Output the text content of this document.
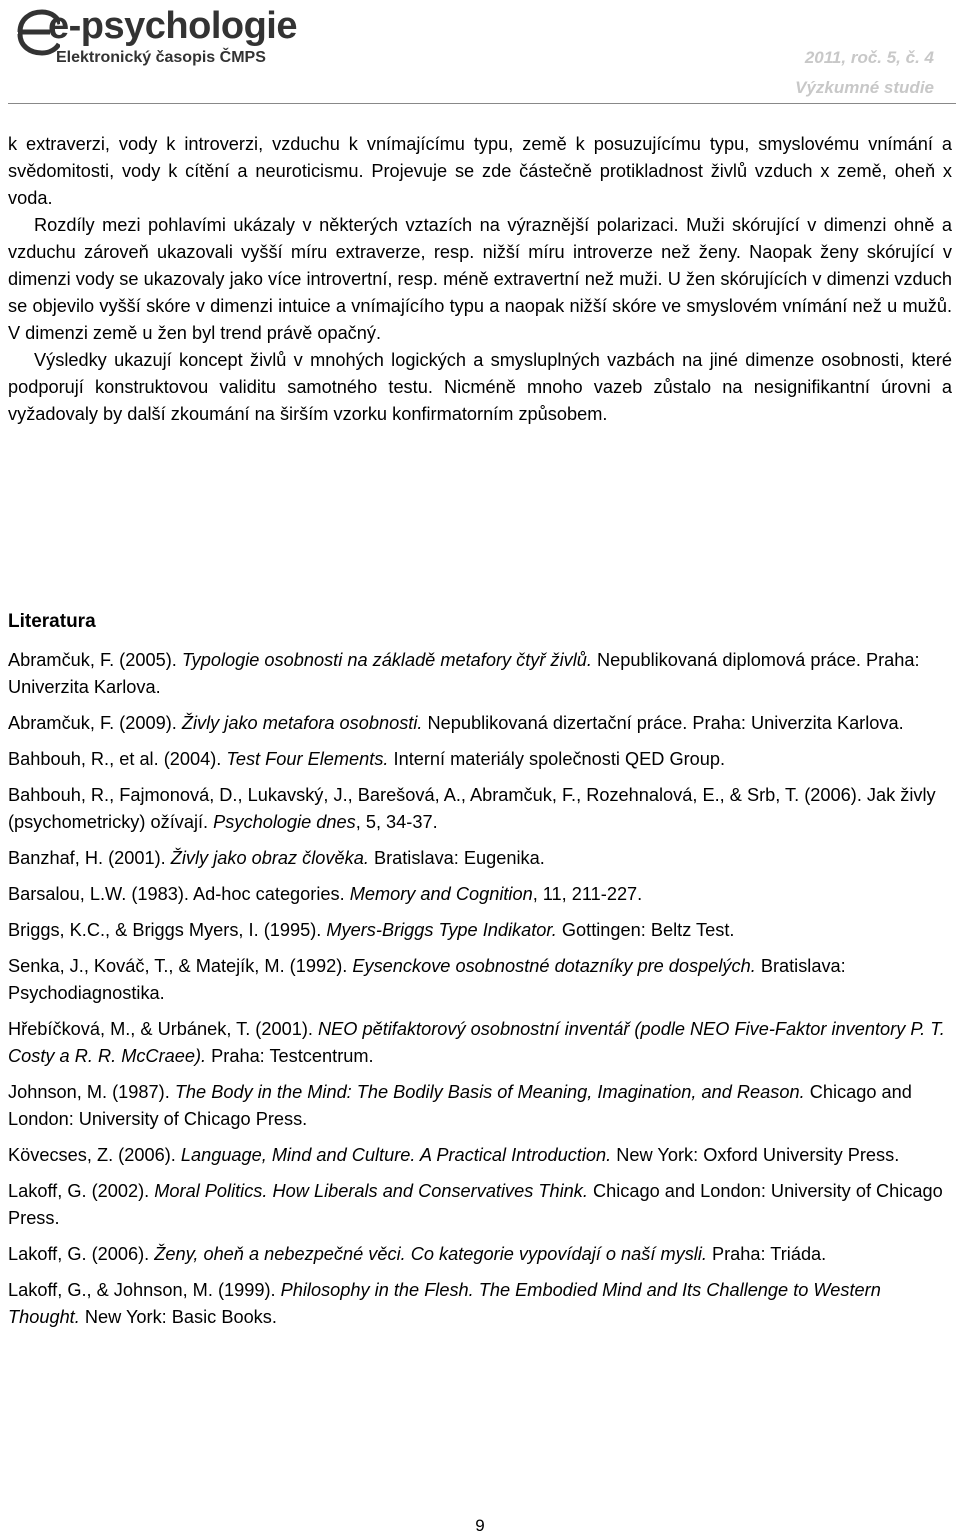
e-psychologie
Elektronický časopis ČMPS	2011, roč. 5, č. 4
Výzkumné studie

k extraverzi, vody k introverzi, vzduchu k vnímajícímu typu, země k posuzujícímu typu, smyslovému vnímání a svědomitosti, vody k cítění a neuroticismu. Projevuje se zde částečně protikladnost živlů vzduch x země, oheň x voda.

Rozdíly mezi pohlavími ukázaly v některých vztazích na výraznější polarizaci. Muži skórující v dimenzi ohně a vzduchu zároveň ukazovali vyšší míru extraverze, resp. nižší míru introverze než ženy. Naopak ženy skórující v dimenzi vody se ukazovaly jako více introvertní, resp. méně extravertní než muži. U žen skórujících v dimenzi vzduch se objevilo vyšší skóre v dimenzi intuice a vnímajícího typu a naopak nižší skóre ve smyslovém vnímání než u mužů. V dimenzi země u žen byl trend právě opačný.

Výsledky ukazují koncept živlů v mnohých logických a smysluplných vazbách na jiné dimenze osobnosti, které podporují konstruktovou validitu samotného testu. Nicméně mnoho vazeb zůstalo na nesignifikantní úrovni a vyžadovaly by další zkoumání na širším vzorku konfirmatorním způsobem.

Literatura

Abramčuk, F. (2005). Typologie osobnosti na základě metafory čtyř živlů. Nepublikovaná diplomová práce. Praha: Univerzita Karlova.

Abramčuk, F. (2009). Živly jako metafora osobnosti. Nepublikovaná dizertační práce. Praha: Univerzita Karlova.

Bahbouh, R., et al. (2004). Test Four Elements. Interní materiály společnosti QED Group.

Bahbouh, R., Fajmonová, D., Lukavský, J., Barešová, A., Abramčuk, F., Rozehnalová, E., & Srb, T. (2006). Jak živly (psychometricky) ožívají. Psychologie dnes, 5, 34-37.

Banzhaf, H. (2001). Živly jako obraz člověka. Bratislava: Eugenika.

Barsalou, L.W. (1983). Ad-hoc categories. Memory and Cognition, 11, 211-227.

Briggs, K.C., & Briggs Myers, I. (1995). Myers-Briggs Type Indikator. Gottingen: Beltz Test.

Senka, J., Kováč, T., & Matejík, M. (1992). Eysenckove osobnostné dotazníky pre dospelých. Bratislava: Psychodiagnostika.

Hřebíčková, M., & Urbánek, T. (2001). NEO pětifaktorový osobnostní inventář (podle NEO Five-Faktor inventory P. T. Costy a R. R. McCraee). Praha: Testcentrum.

Johnson, M. (1987). The Body in the Mind: The Bodily Basis of Meaning, Imagination, and Reason. Chicago and London: University of Chicago Press.

Kövecses, Z. (2006). Language, Mind and Culture. A Practical Introduction. New York: Oxford University Press.

Lakoff, G. (2002). Moral Politics. How Liberals and Conservatives Think. Chicago and London: University of Chicago Press.

Lakoff, G. (2006). Ženy, oheň a nebezpečné věci. Co kategorie vypovídají o naší mysli. Praha: Triáda.

Lakoff, G., & Johnson, M. (1999). Philosophy in the Flesh. The Embodied Mind and Its Challenge to Western Thought. New York: Basic Books.

9
